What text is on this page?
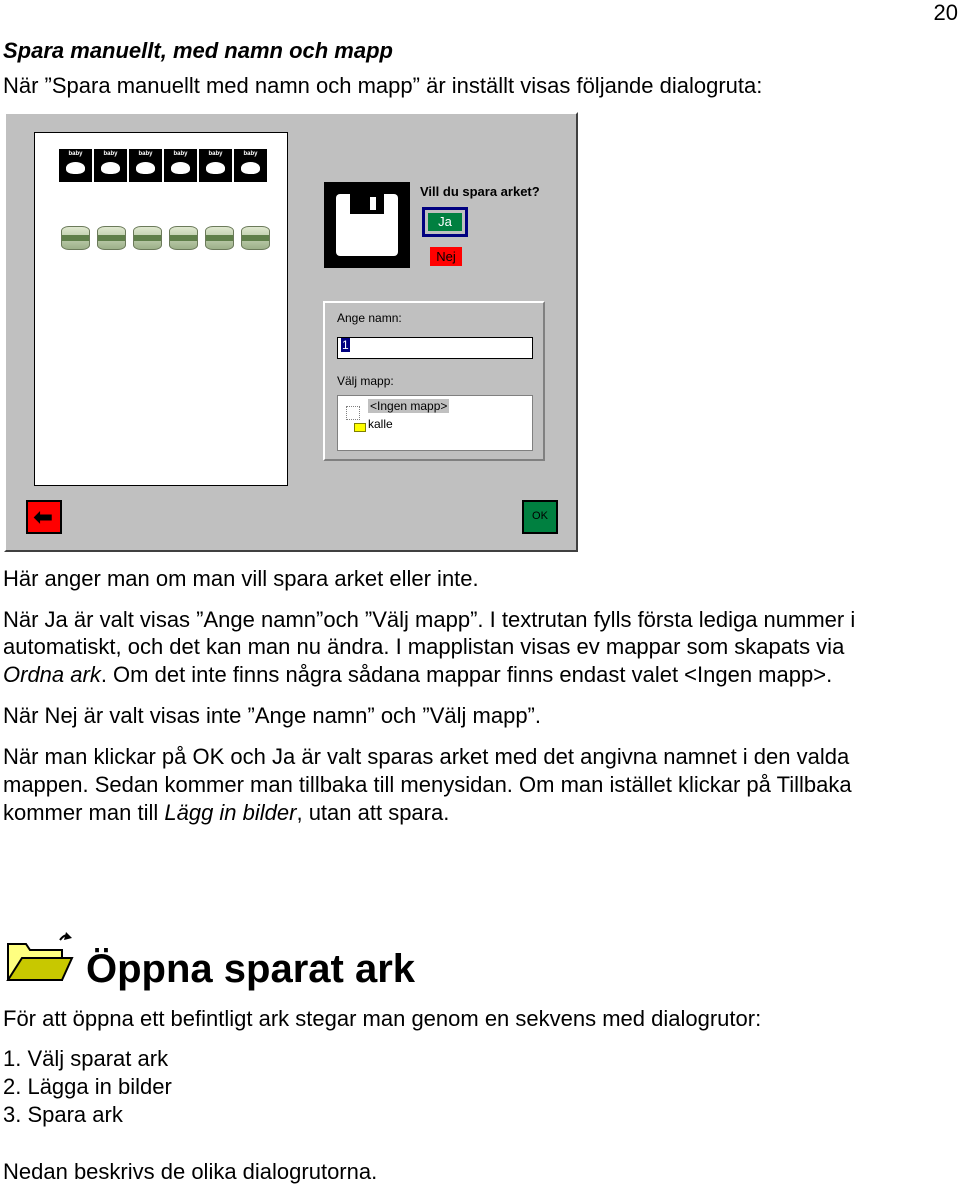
20
Spara manuellt, med namn och mapp
När ”Spara manuellt med namn och mapp” är inställt visas följande dialogruta:
baby	baby	baby	baby	baby	baby
Vill du spara arket?
Ja
Nej
Ange namn:
1
Välj mapp:
<Ingen mapp>
kalle
⬅	OK
Här anger man om man vill spara arket eller inte.
När Ja är valt visas ”Ange namn”och ”Välj mapp”. I textrutan fylls första lediga nummer i
automatiskt, och det kan man nu ändra. I mapplistan visas ev mappar som skapats via
Ordna ark. Om det inte finns några sådana mappar finns endast valet <Ingen mapp>.
När Nej är valt visas inte ”Ange namn” och ”Välj mapp”.
När man klickar på OK och Ja är valt sparas arket med det angivna namnet i den valda
mappen. Sedan kommer man tillbaka till menysidan. Om man istället klickar på Tillbaka
kommer man till Lägg in bilder, utan att spara.
Öppna sparat ark
För att öppna ett befintligt ark stegar man genom en sekvens med dialogrutor:
1. Välj sparat ark
2. Lägga in bilder
3. Spara ark
Nedan beskrivs de olika dialogrutorna.
